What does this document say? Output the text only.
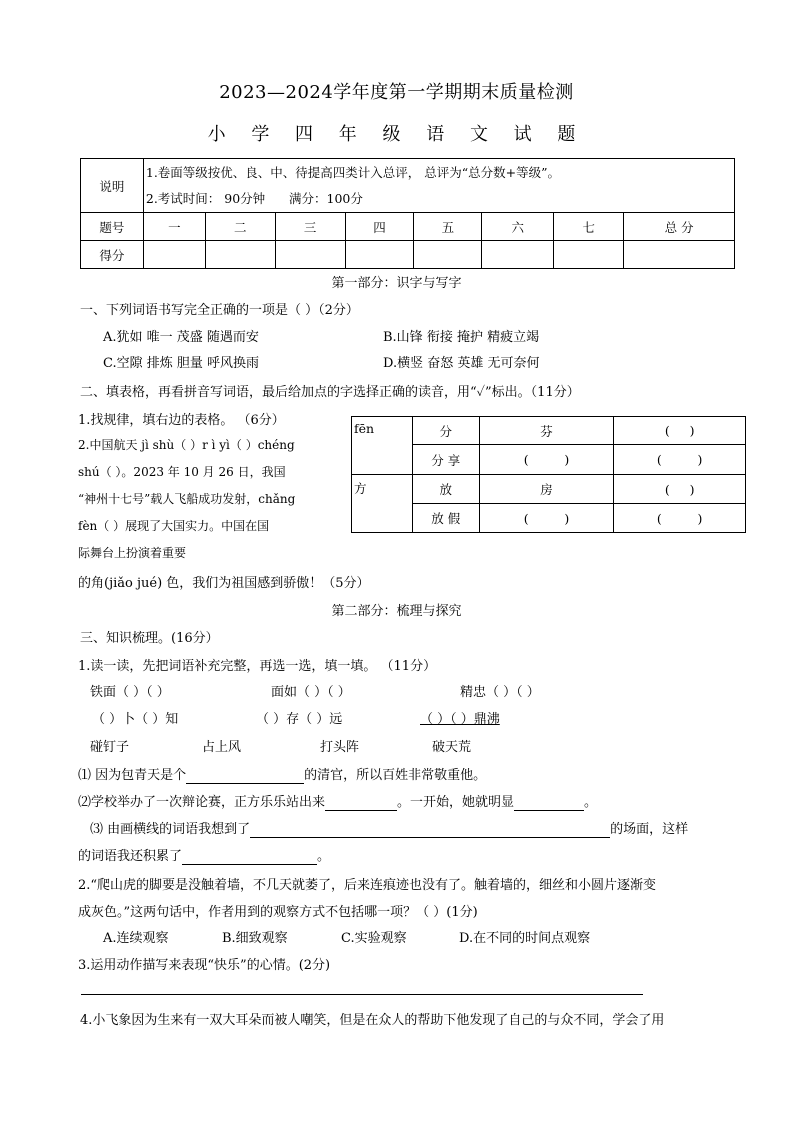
2023—2024学年度第一学期期末质量检测
小 学 四 年 级 语 文 试 题
说明	1.卷面等级按优、良、中、待提高四类计入总评， 总评为“总分数+等级”。
2.考试时间： 90分钟      满分：100分							

题号	一	二	三	四	五	六	七	总 分
得分								
第一部分：识字与写字
一、下列词语书写完全正确的一项是（ ）（2分）
A.犹如 唯一 茂盛 随遇而安	B.山锋 衔接 掩护 精疲立竭
C.空隙 排炼 胆量 呼风换雨	D.横竖 奋怒 英雄 无可奈何
二、填表格，再看拼音写词语，最后给加点的字选择正确的读音，用“✓”标出。（11分）
1.找规律，填右边的表格。 （6分）
2.中国航天 jì shù（ ）r ì yì（ ）chéng
shú（ ）。2023 年 10 月 26 日，我国
“神州十七号”载人飞船成功发射，chǎng
fèn（ ）展现了大国实力。中国在国
际舞台上扮演着重要
的角(jiǎo jué) 色，我们为祖国感到骄傲！（5分）
fēn	分	芬	(     )
	分 享	(         )	(         )
方	放	房	(     )
	放 假	(         )	(         )
第二部分：梳理与探究
三、知识梳理。(16分）
1.读一读，先把词语补充完整，再选一选，填一填。 （11分）
铁面（ ）（ ）	面如（ ）（ ）	精忠（ ）（ ）
（ ）卜（ ）知	（ ）存（ ）远	（ ）（ ）鼎沸
碰钉子	占上风	打头阵	破天荒
⑴ 因为包青天是个	的清官，所以百姓非常敬重他。
⑵学校举办了一次辩论赛，正方乐乐站出来	。一开始，她就明显	。
⑶ 由画横线的词语我想到了	的场面，这样
的词语我还积累了	。
2.“爬山虎的脚要是没触着墙，不几天就萎了，后来连痕迹也没有了。触着墙的，细丝和小圆片逐渐变
成灰色。”这两句话中，作者用到的观察方式不包括哪一项？（ ）(1分)
A.连续观察	B.细致观察	C.实验观察	D.在不同的时间点观察
3.运用动作描写来表现“快乐”的心情。(2分)
4.小飞象因为生来有一双大耳朵而被人嘲笑，但是在众人的帮助下他发现了自己的与众不同，学会了用
